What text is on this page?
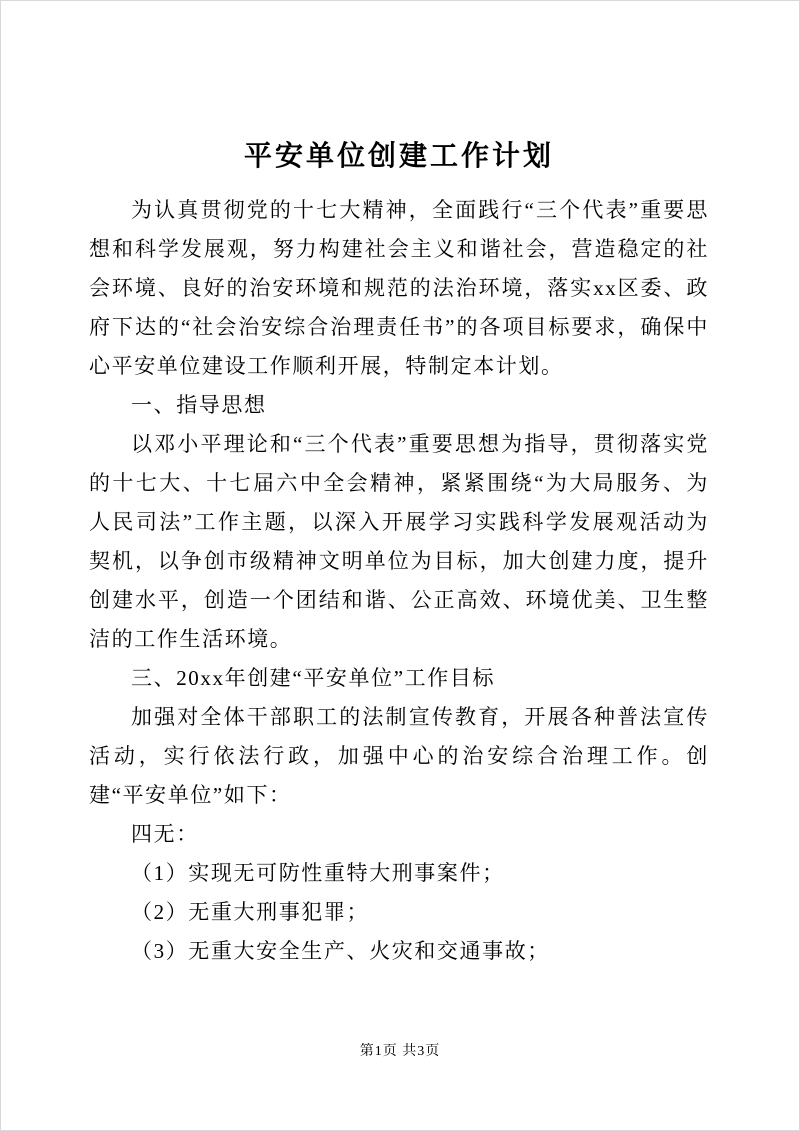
平安单位创建工作计划

为认真贯彻党的十七大精神，全面践行“三个代表”重要思想和科学发展观，努力构建社会主义和谐社会，营造稳定的社会环境、良好的治安环境和规范的法治环境，落实xx区委、政府下达的“社会治安综合治理责任书”的各项目标要求，确保中心平安单位建设工作顺利开展，特制定本计划。

一、指导思想

以邓小平理论和“三个代表”重要思想为指导，贯彻落实党的十七大、十七届六中全会精神，紧紧围绕“为大局服务、为人民司法”工作主题，以深入开展学习实践科学发展观活动为契机，以争创市级精神文明单位为目标，加大创建力度，提升创建水平，创造一个团结和谐、公正高效、环境优美、卫生整洁的工作生活环境。

三、20xx年创建“平安单位”工作目标

加强对全体干部职工的法制宣传教育，开展各种普法宣传活动，实行依法行政，加强中心的治安综合治理工作。创建“平安单位”如下：

四无：

（1）实现无可防性重特大刑事案件；

（2）无重大刑事犯罪；

（3）无重大安全生产、火灾和交通事故；

第1页 共3页
